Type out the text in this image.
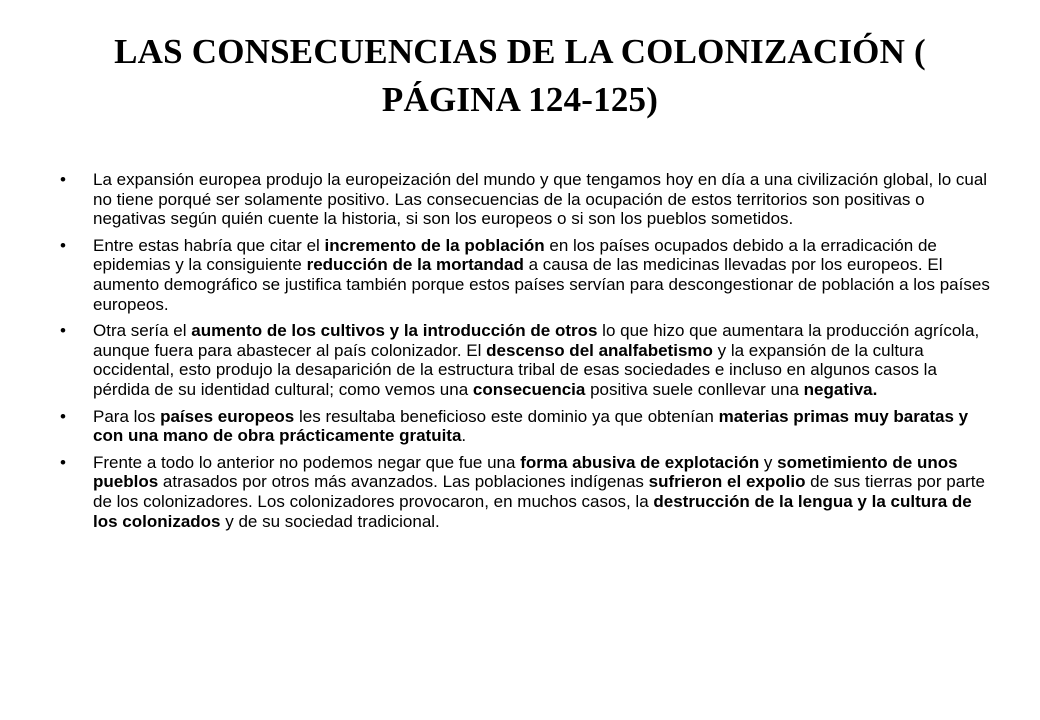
LAS CONSECUENCIAS DE LA COLONIZACIÓN (
PÁGINA 124-125)
• La expansión europea produjo la europeización del mundo y que tengamos hoy en día a una civilización global, lo cual no tiene porqué ser solamente positivo. Las consecuencias de la ocupación de estos territorios son positivas o negativas según quién cuente la historia, si son los europeos o si son los pueblos sometidos.
• Entre estas habría que citar el incremento de la población en los países ocupados debido a la erradicación de epidemias y la consiguiente reducción de la mortandad a causa de las medicinas llevadas por los europeos. El aumento demográfico se justifica también porque estos países servían para descongestionar de población a los países europeos.
• Otra sería el aumento de los cultivos y la introducción de otros lo que hizo que aumentara la producción agrícola, aunque fuera para abastecer al país colonizador. El descenso del analfabetismo y la expansión de la cultura occidental, esto produjo la desaparición de la estructura tribal de esas sociedades e incluso en algunos casos la pérdida de su identidad cultural; como vemos una consecuencia positiva suele conllevar una negativa.
• Para los países europeos les resultaba beneficioso este dominio ya que obtenían materias primas muy baratas y con una mano de obra prácticamente gratuita.
• Frente a todo lo anterior no podemos negar que fue una forma abusiva de explotación y sometimiento de unos pueblos atrasados por otros más avanzados. Las poblaciones indígenas sufrieron el expolio de sus tierras por parte de los colonizadores. Los colonizadores provocaron, en muchos casos, la destrucción de la lengua y la cultura de los colonizados y de su sociedad tradicional.
